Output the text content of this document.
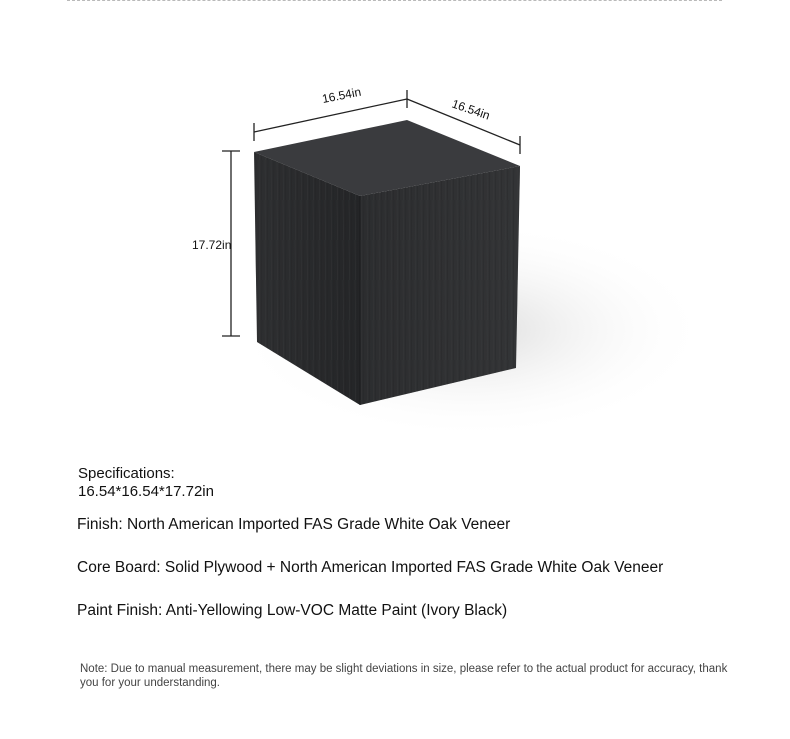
16.54in
16.54in
17.72in
Specifications:
16.54*16.54*17.72in
Finish: North American Imported FAS Grade White Oak Veneer
Core Board: Solid Plywood + North American Imported FAS Grade White Oak Veneer
Paint Finish: Anti-Yellowing Low-VOC Matte Paint (Ivory Black)
Note: Due to manual measurement, there may be slight deviations in size, please refer to the actual product for accuracy, thank you for your understanding.
